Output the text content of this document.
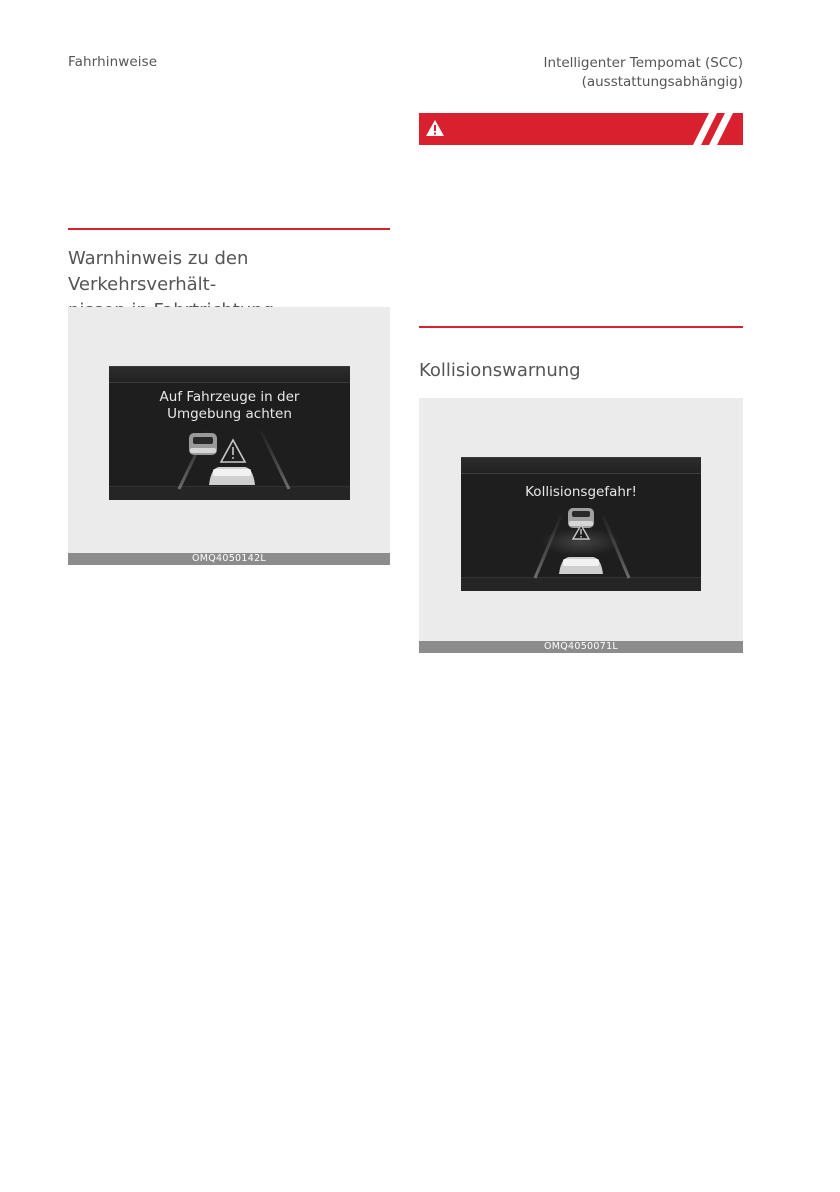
Fahrhinweise	Intelligenter Tempomat (SCC) (ausstattungsabhängig)
Warnhinweis zu den Verkehrsverhält-

Auf Fahrzeuge in der
Umgebung achten
OMQ4050142L
Kollisionswarnung
Kollisionsgefahr!
OMQ4050071L
